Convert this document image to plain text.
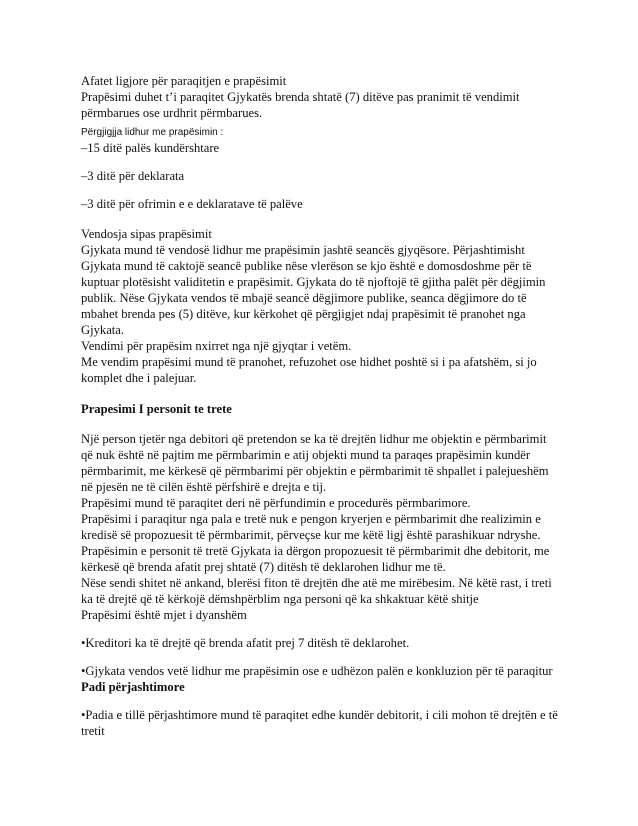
Afatet ligjore për paraqitjen e prapësimit

Prapësimi duhet t’i paraqitet Gjykatës brenda shtatë (7) ditëve pas pranimit të vendimit përmbarues ose urdhrit përmbarues.

Përgjigjja lidhur me prapësimin :

–15 ditë palës kundërshtare

–3 ditë për deklarata

–3 ditë për ofrimin e e deklaratave të palëve

Vendosja sipas prapësimit

Gjykata mund të vendosë lidhur me prapësimin jashtë seancës gjyqësore. Përjashtimisht Gjykata mund të caktojë seancë publike nëse vlerëson se kjo është e domosdoshme për të kuptuar plotësisht validitetin e prapësimit. Gjykata do të njoftojë të gjitha palët për dëgjimin publik. Nëse Gjykata vendos të mbajë seancë dëgjimore publike, seanca dëgjimore do të mbahet brenda pes (5) ditëve, kur kërkohet që përgjigjet ndaj prapësimit të pranohet nga Gjykata.

Vendimi për prapësim nxirret nga një gjyqtar i vetëm.

Me vendim prapësimi mund të pranohet, refuzohet ose hidhet poshtë si i pa afatshëm, si jo komplet dhe i palejuar.

Prapesimi I personit te trete

Një person tjetër nga debitori që pretendon se ka të drejtën lidhur me objektin e përmbarimit që nuk është në pajtim me përmbarimin e atij objekti mund ta paraqes prapësimin kundër përmbarimit, me kërkesë që përmbarimi për objektin e përmbarimit të shpallet i palejueshëm në pjesën ne të cilën është përfshirë e drejta e tij.

Prapësimi mund të paraqitet deri në përfundimin e procedurës përmbarimore.

Prapësimi i paraqitur nga pala e tretë nuk e pengon kryerjen e përmbarimit dhe realizimin e kredisë së propozuesit të përmbarimit, përveçse kur me këtë ligj është parashikuar ndryshe.

Prapësimin e personit të tretë Gjykata ia dërgon propozuesit të përmbarimit dhe debitorit, me kërkesë që brenda afatit prej shtatë (7) ditësh të deklarohen lidhur me të.

Nëse sendi shitet në ankand, blerësi fiton të drejtën dhe atë me mirëbesim. Në këtë rast, i treti ka të drejtë që të kërkojë dëmshpërblim nga personi që ka shkaktuar këtë shitje

Prapësimi është mjet i dyanshëm

•Kreditori ka të drejtë që brenda afatit prej 7 ditësh të deklarohet.

•Gjykata vendos vetë lidhur me prapësimin ose e udhëzon palën e konkluzion për të paraqitur Padi përjashtimore

•Padia e tillë përjashtimore mund të paraqitet edhe kundër debitorit, i cili mohon të drejtën e të tretit
